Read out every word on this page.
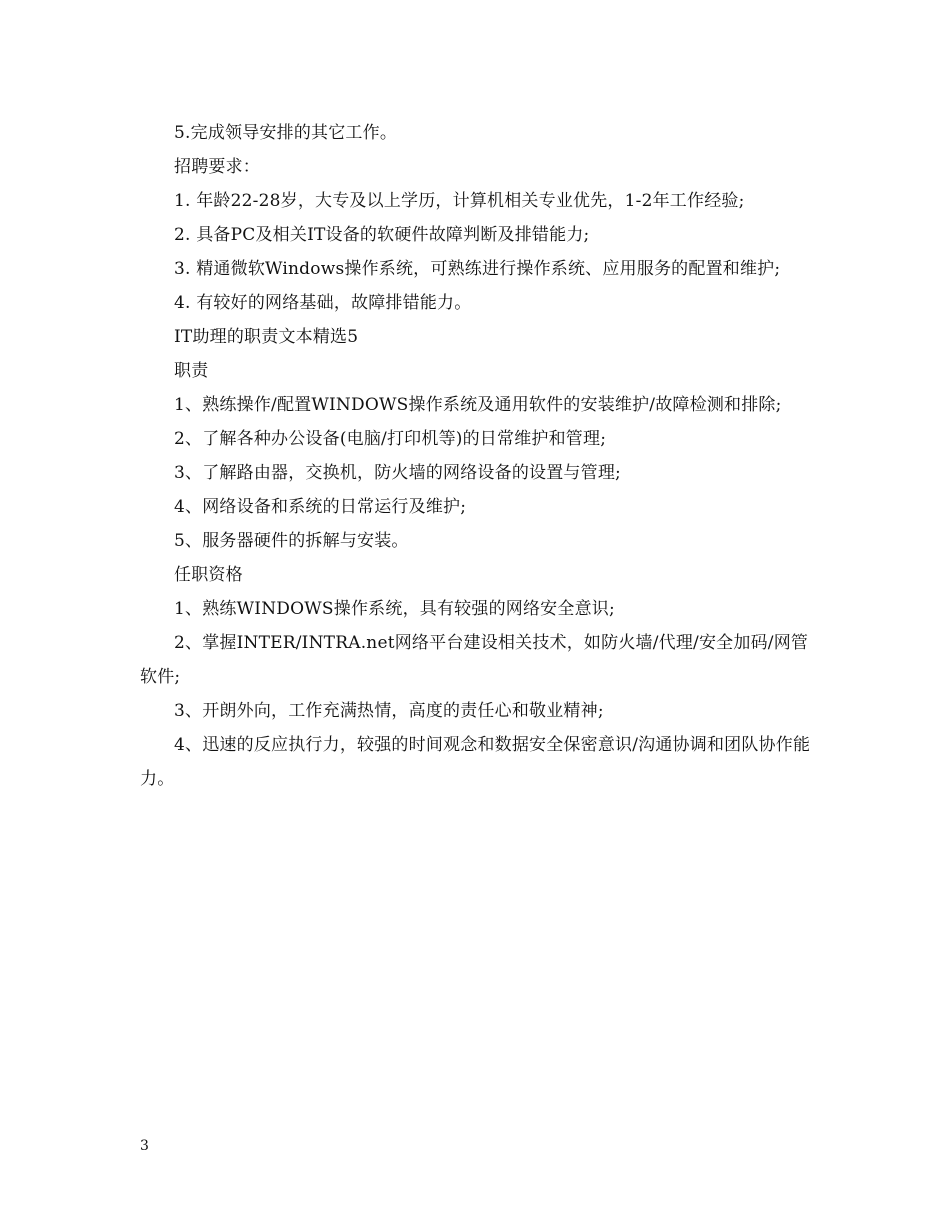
5.完成领导安排的其它工作。

招聘要求：

1. 年龄22-28岁，大专及以上学历，计算机相关专业优先，1-2年工作经验;

2. 具备PC及相关IT设备的软硬件故障判断及排错能力;

3. 精通微软Windows操作系统，可熟练进行操作系统、应用服务的配置和维护;

4. 有较好的网络基础，故障排错能力。

IT助理的职责文本精选5

职责

1、熟练操作/配置WINDOWS操作系统及通用软件的安装维护/故障检测和排除;

2、了解各种办公设备(电脑/打印机等)的日常维护和管理;

3、了解路由器，交换机，防火墙的网络设备的设置与管理;

4、网络设备和系统的日常运行及维护;

5、服务器硬件的拆解与安装。

任职资格

1、熟练WINDOWS操作系统，具有较强的网络安全意识;

2、掌握INTER/INTRA.net网络平台建设相关技术，如防火墙/代理/安全加码/网管软件;

3、开朗外向，工作充满热情，高度的责任心和敬业精神;

4、迅速的反应执行力，较强的时间观念和数据安全保密意识/沟通协调和团队协作能力。

3
